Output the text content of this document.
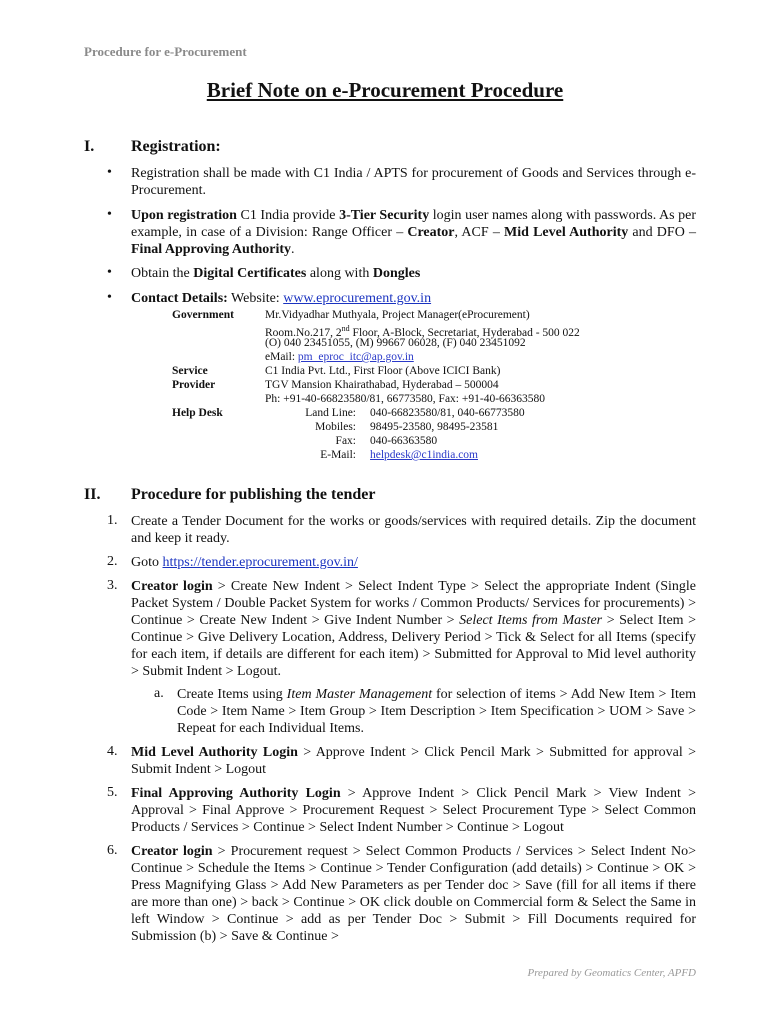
Procedure for e-Procurement
Brief Note on e-Procurement Procedure
I. Registration:
• Registration shall be made with C1 India / APTS for procurement of Goods and Services through e-Procurement.
• Upon registration C1 India provide 3-Tier Security login user names along with passwords. As per example, in case of a Division: Range Officer – Creator, ACF – Mid Level Authority and DFO – Final Approving Authority.
• Obtain the Digital Certificates along with Dongles
• Contact Details: Website: www.eprocurement.gov.in
Government	Mr.Vidyadhar Muthyala, Project Manager(eProcurement)
Room.No.217, 2nd Floor, A-Block, Secretariat, Hyderabad - 500 022
(O) 040 23451055, (M) 99667 06028, (F) 040 23451092
eMail: pm_eproc_itc@ap.gov.in
Service
Provider
C1 India Pvt. Ltd., First Floor (Above ICICI Bank)
TGV Mansion Khairathabad, Hyderabad – 500004
Ph: +91-40-66823580/81, 66773580, Fax: +91-40-66363580
Help Desk	Land Line: 040-66823580/81, 040-66773580
Mobiles: 98495-23580, 98495-23581
Fax: 040-66363580
E-Mail: helpdesk@c1india.com
II. Procedure for publishing the tender
1. Create a Tender Document for the works or goods/services with required details. Zip the document and keep it ready.
2. Goto https://tender.eprocurement.gov.in/
3. Creator login > Create New Indent > Select Indent Type > Select the appropriate Indent (Single Packet System / Double Packet System for works / Common Products/ Services for procurements) > Continue > Create New Indent > Give Indent Number > Select Items from Master > Select Item > Continue > Give Delivery Location, Address, Delivery Period > Tick & Select for all Items (specify for each item, if details are different for each item) > Submitted for Approval to Mid level authority > Submit Indent > Logout.
a. Create Items using Item Master Management for selection of items > Add New Item > Item Code > Item Name > Item Group > Item Description > Item Specification > UOM > Save > Repeat for each Individual Items.
4. Mid Level Authority Login > Approve Indent > Click Pencil Mark > Submitted for approval > Submit Indent > Logout
5. Final Approving Authority Login > Approve Indent > Click Pencil Mark > View Indent > Approval > Final Approve > Procurement Request > Select Procurement Type > Select Common Products / Services > Continue > Select Indent Number > Continue > Logout
6. Creator login > Procurement request > Select Common Products / Services > Select Indent No> Continue > Schedule the Items > Continue > Tender Configuration (add details) > Continue > OK > Press Magnifying Glass > Add New Parameters as per Tender doc > Save (fill for all items if there are more than one) > back > Continue > OK click double on Commercial form & Select the Same in left Window > Continue > add as per Tender Doc > Submit > Fill Documents required for Submission (b) > Save & Continue >
Prepared by Geomatics Center, APFD
